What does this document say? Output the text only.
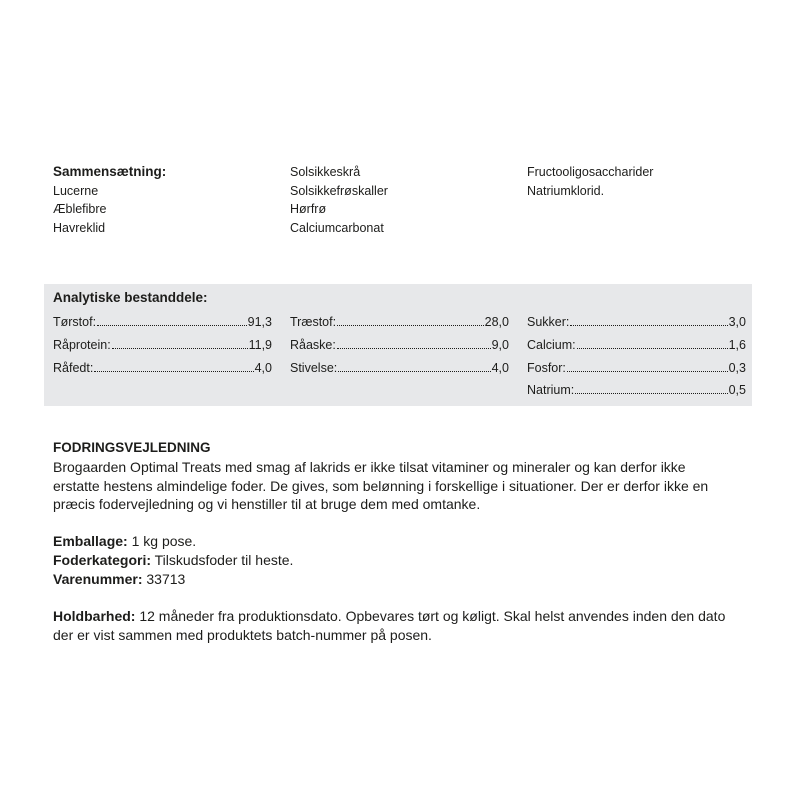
Sammensætning:
Lucerne
Æblefibre
Havreklid
Solsikkeskrå
Solsikkefrøskaller
Hørfrø
Calciumcarbonat
Fructooligosaccharider
Natriumklorid.
Analytiske bestanddele:
Tørstof:	91,3
Råprotein:	11,9
Råfedt:	4,0
Træstof:	28,0
Råaske:	9,0
Stivelse:	4,0
Sukker:	3,0
Calcium:	1,6
Fosfor:	0,3
Natrium:	0,5
FODRINGSVEJLEDNING
Brogaarden Optimal Treats med smag af lakrids er ikke tilsat vitaminer og mineraler og kan derfor ikke
erstatte hestens almindelige foder. De gives, som belønning i forskellige i situationer. Der er derfor ikke en
præcis fodervejledning og vi henstiller til at bruge dem med omtanke.
Emballage: 1 kg pose.
Foderkategori: Tilskudsfoder til heste.
Varenummer: 33713
Holdbarhed: 12 måneder fra produktionsdato. Opbevares tørt og køligt. Skal helst anvendes inden den dato
der er vist sammen med produktets batch-nummer på posen.
